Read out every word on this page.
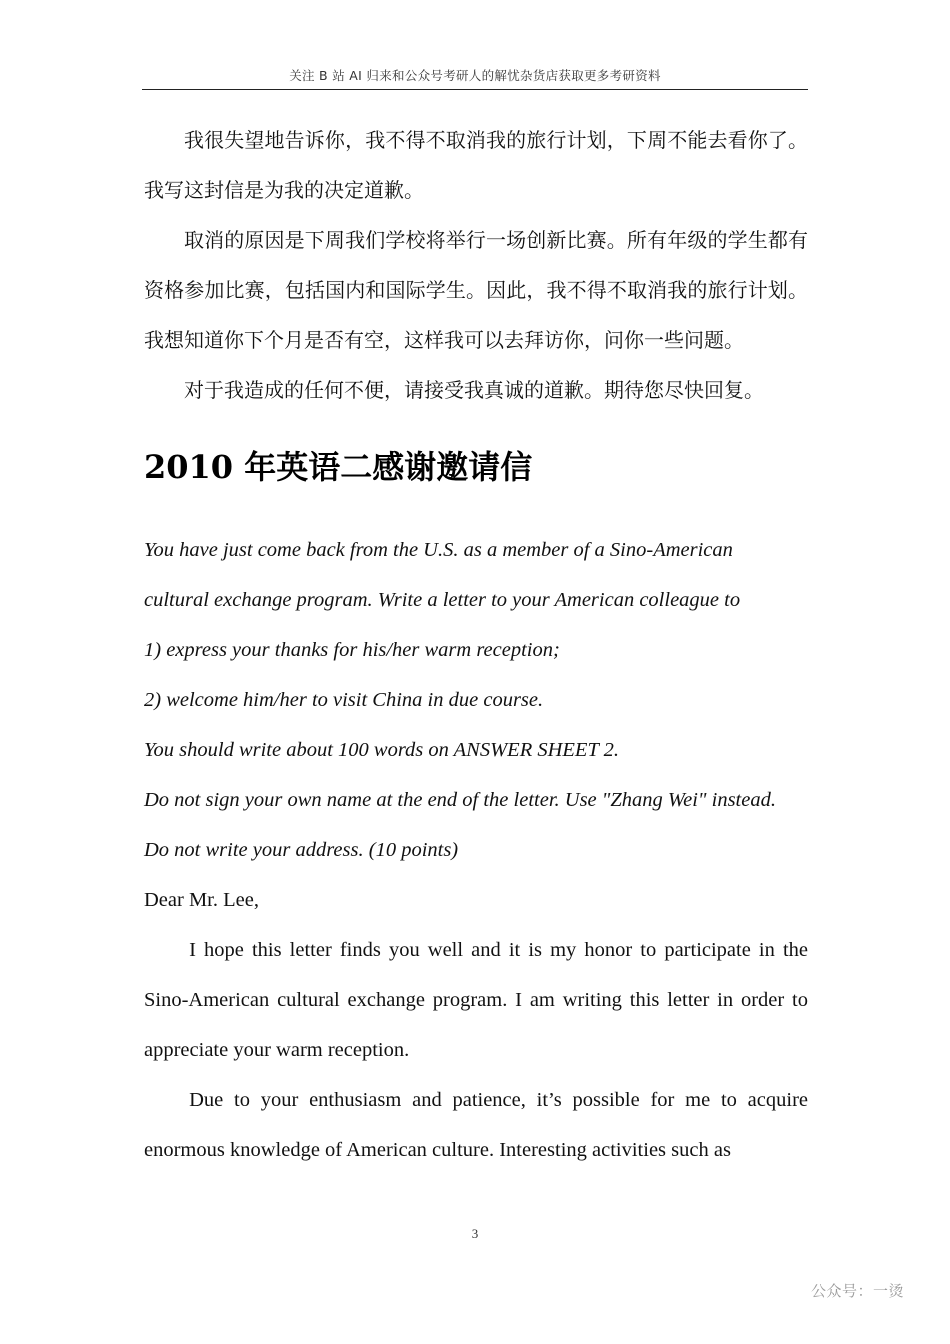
关注 B 站 AI 归来和公众号考研人的解忧杂货店获取更多考研资料

我很失望地告诉你，我不得不取消我的旅行计划，下周不能去看你了。我写这封信是为我的决定道歉。

取消的原因是下周我们学校将举行一场创新比赛。所有年级的学生都有资格参加比赛，包括国内和国际学生。因此，我不得不取消我的旅行计划。我想知道你下个月是否有空，这样我可以去拜访你，问你一些问题。

对于我造成的任何不便，请接受我真诚的道歉。期待您尽快回复。

2010 年英语二感谢邀请信

You have just come back from the U.S. as a member of a Sino-American

cultural exchange program. Write a letter to your American colleague to

1) express your thanks for his/her warm reception;

2) welcome him/her to visit China in due course.

You should write about 100 words on ANSWER SHEET 2.

Do not sign your own name at the end of the letter. Use "Zhang Wei" instead.

Do not write your address. (10 points)

Dear Mr. Lee,

I hope this letter finds you well and it is my honor to participate in the Sino-American cultural exchange program. I am writing this letter in order to appreciate your warm reception.

Due to your enthusiasm and patience, it’s possible for me to acquire enormous knowledge of American culture. Interesting activities such as

3
公众号：一烫
